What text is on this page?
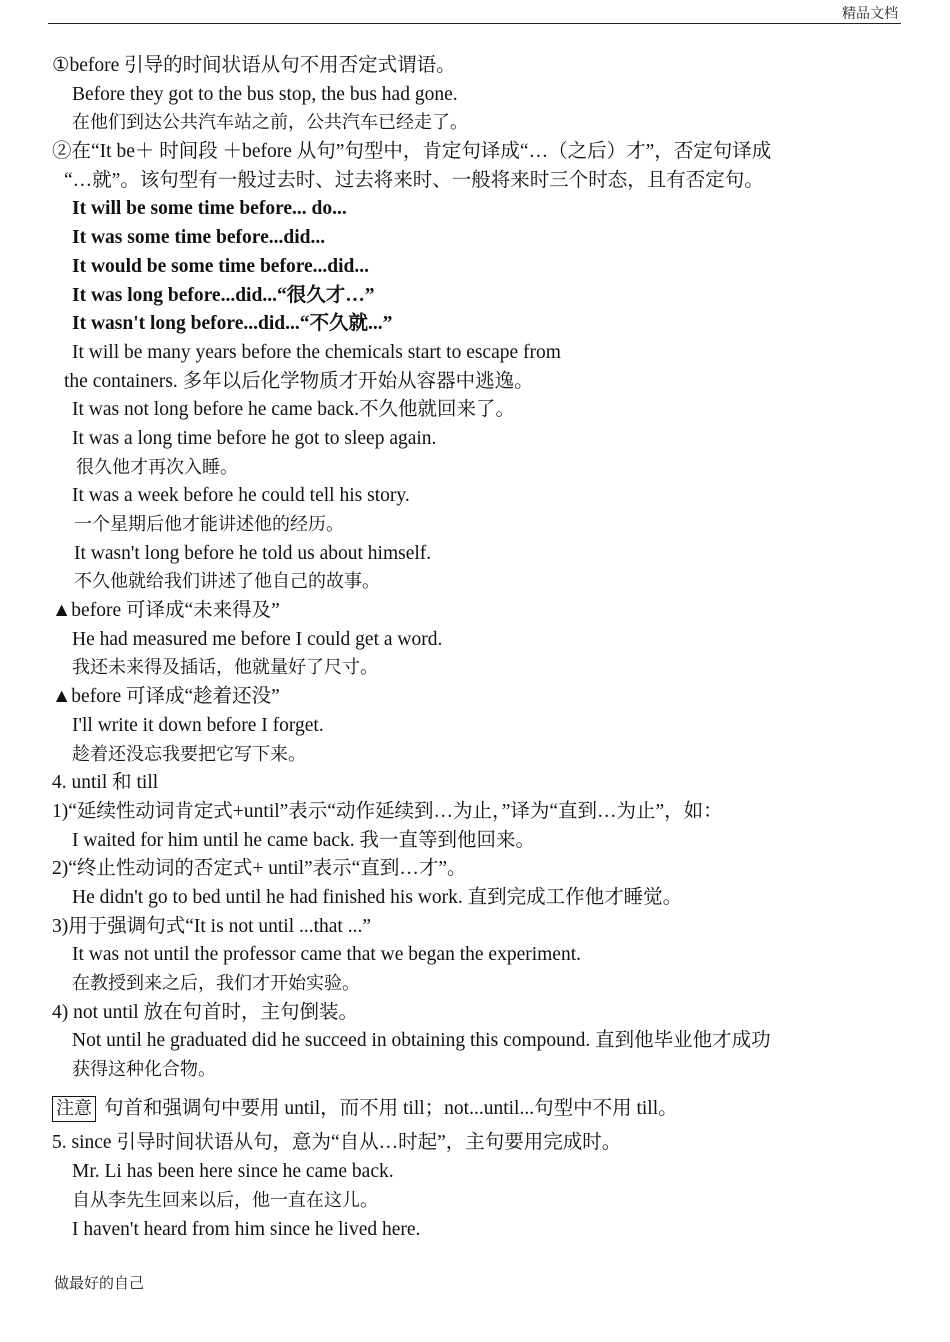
精品文档
①before 引导的时间状语从句不用否定式谓语。
Before they got to the bus stop, the bus had gone.
在他们到达公共汽车站之前，公共汽车已经走了。
②在“It be＋ 时间段 ＋before 从句”句型中，肯定句译成“…（之后）才”，否定句译成
“…就”。该句型有一般过去时、过去将来时、一般将来时三个时态，且有否定句。
It will be some time before... do...
It was some time before...did...
It would be some time before...did...
It was long before...did...“很久才…”
It wasn't long before...did...“不久就...”
It will be many years before the chemicals start to escape from
the containers. 多年以后化学物质才开始从容器中逃逸。
It was not long before he came back.不久他就回来了。
It was a long time before he got to sleep again.
很久他才再次入睡。
It was a week before he could tell his story.
一个星期后他才能讲述他的经历。
It wasn't long before he told us about himself.
不久他就给我们讲述了他自己的故事。
▲before 可译成“未来得及”
He had measured me before I could get a word.
我还未来得及插话，他就量好了尺寸。
▲before 可译成“趁着还没”
I'll write it down before I forget.
趁着还没忘我要把它写下来。
4. until 和 till
1)“延续性动词肯定式+until”表示“动作延续到…为止，”译为“直到…为止”，如：
I waited for him until he came back. 我一直等到他回来。
2)“终止性动词的否定式+ until”表示“直到…才”。
He didn't go to bed until he had finished his work. 直到完成工作他才睡觉。
3)用于强调句式“It is not until ...that ...”
It was not until the professor came that we began the experiment.
在教授到来之后，我们才开始实验。
4) not until 放在句首时，主句倒装。
Not until he graduated did he succeed in obtaining this compound. 直到他毕业他才成功
获得这种化合物。
注意 句首和强调句中要用 until，而不用 till；not...until...句型中不用 till。
5. since 引导时间状语从句，意为“自从…时起”，主句要用完成时。
Mr. Li has been here since he came back.
自从李先生回来以后，他一直在这儿。
I haven't heard from him since he lived here.
做最好的自己
